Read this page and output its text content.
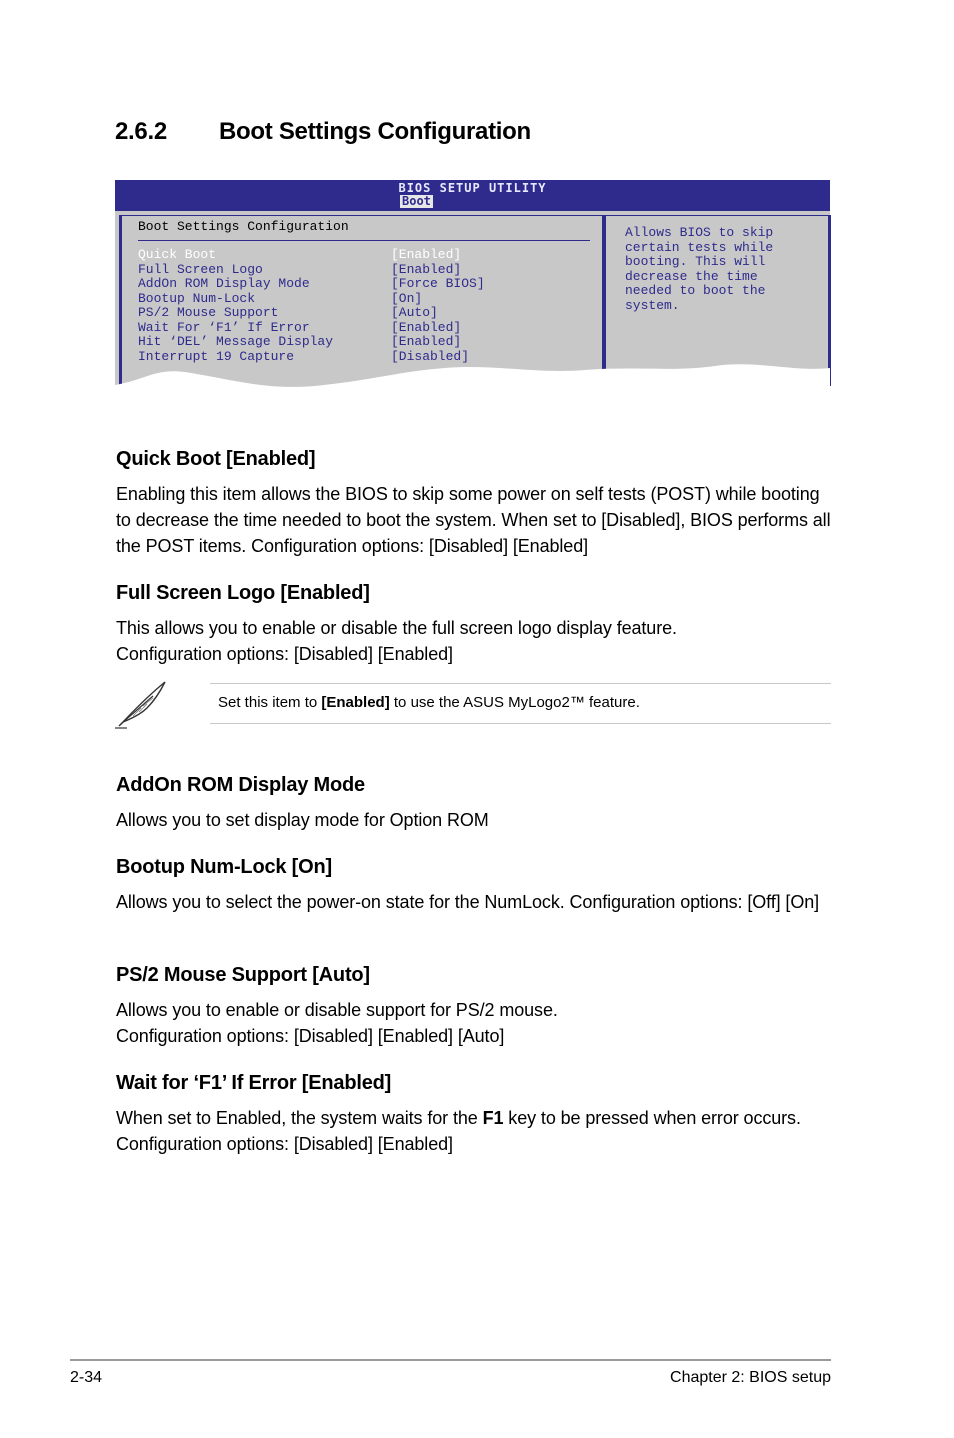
2.6.2 Boot Settings Configuration
BIOS SETUP UTILITY
Boot
Boot Settings Configuration
Quick Boot	[Enabled]
Full Screen Logo	[Enabled]
AddOn ROM Display Mode	[Force BIOS]
Bootup Num-Lock	[On]
PS/2 Mouse Support	[Auto]
Wait For ‘F1’ If Error	[Enabled]
Hit ‘DEL’ Message Display	[Enabled]
Interrupt 19 Capture	[Disabled]
Allows BIOS to skip
certain tests while
booting. This will
decrease the time
needed to boot the
system.
Quick Boot [Enabled]
Enabling this item allows the BIOS to skip some power on self tests (POST) while booting to decrease the time needed to boot the system. When set to [Disabled], BIOS performs all the POST items. Configuration options: [Disabled] [Enabled]
Full Screen Logo [Enabled]
This allows you to enable or disable the full screen logo display feature.
Configuration options: [Disabled] [Enabled]
Set this item to [Enabled] to use the ASUS MyLogo2™ feature.
AddOn ROM Display Mode
Allows you to set display mode for Option ROM
Bootup Num-Lock [On]
Allows you to select the power-on state for the NumLock. Configuration options: [Off] [On]
PS/2 Mouse Support [Auto]
Allows you to enable or disable support for PS/2 mouse.
Configuration options: [Disabled] [Enabled] [Auto]
Wait for ‘F1’ If Error [Enabled]
When set to Enabled, the system waits for the F1 key to be pressed when error occurs. Configuration options: [Disabled] [Enabled]
2-34	Chapter 2: BIOS setup
